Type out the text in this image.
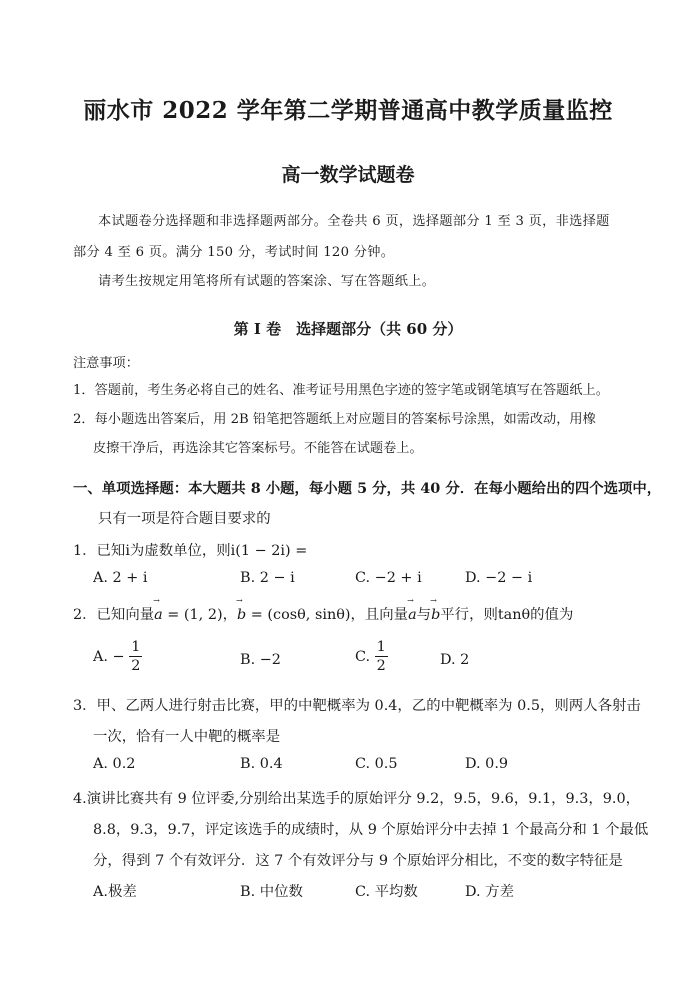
丽水市 2022 学年第二学期普通高中教学质量监控
高一数学试题卷
本试题卷分选择题和非选择题两部分。全卷共 6 页，选择题部分 1 至 3 页，非选择题
部分 4 至 6 页。满分 150 分，考试时间 120 分钟。
请考生按规定用笔将所有试题的答案涂、写在答题纸上。
第 I 卷　选择题部分（共 60 分）
注意事项：
1．答题前，考生务必将自己的姓名、准考证号用黑色字迹的签字笔或钢笔填写在答题纸上。
2．每小题选出答案后，用 2B 铅笔把答题纸上对应题目的答案标号涂黑，如需改动，用橡
皮擦干净后，再选涂其它答案标号。不能答在试题卷上。
一、单项选择题：本大题共 8 小题，每小题 5 分，共 40 分．在每小题给出的四个选项中，
只有一项是符合题目要求的
1．已知i为虚数单位，则i(1 − 2i) =
A. 2 + i	B. 2 − i	C. −2 + i	D. −2 − i
2．已知向量→ a = (1, 2)，→ b = (cosθ, sinθ)，且向量→ a与→ b平行，则tanθ的值为
A. − $\frac{1}{2}$	B. −2	C. $\frac{1}{2}$	D. 2
3．甲、乙两人进行射击比赛，甲的中靶概率为 0.4，乙的中靶概率为 0.5，则两人各射击
一次，恰有一人中靶的概率是
A. 0.2	B. 0.4	C. 0.5	D. 0.9
4.演讲比赛共有 9 位评委,分别给出某选手的原始评分 9.2，9.5，9.6，9.1，9.3，9.0，
8.8，9.3，9.7，评定该选手的成绩时，从 9 个原始评分中去掉 1 个最高分和 1 个最低
分，得到 7 个有效评分．这 7 个有效评分与 9 个原始评分相比，不变的数字特征是
A.极差	B. 中位数	C. 平均数	D. 方差
